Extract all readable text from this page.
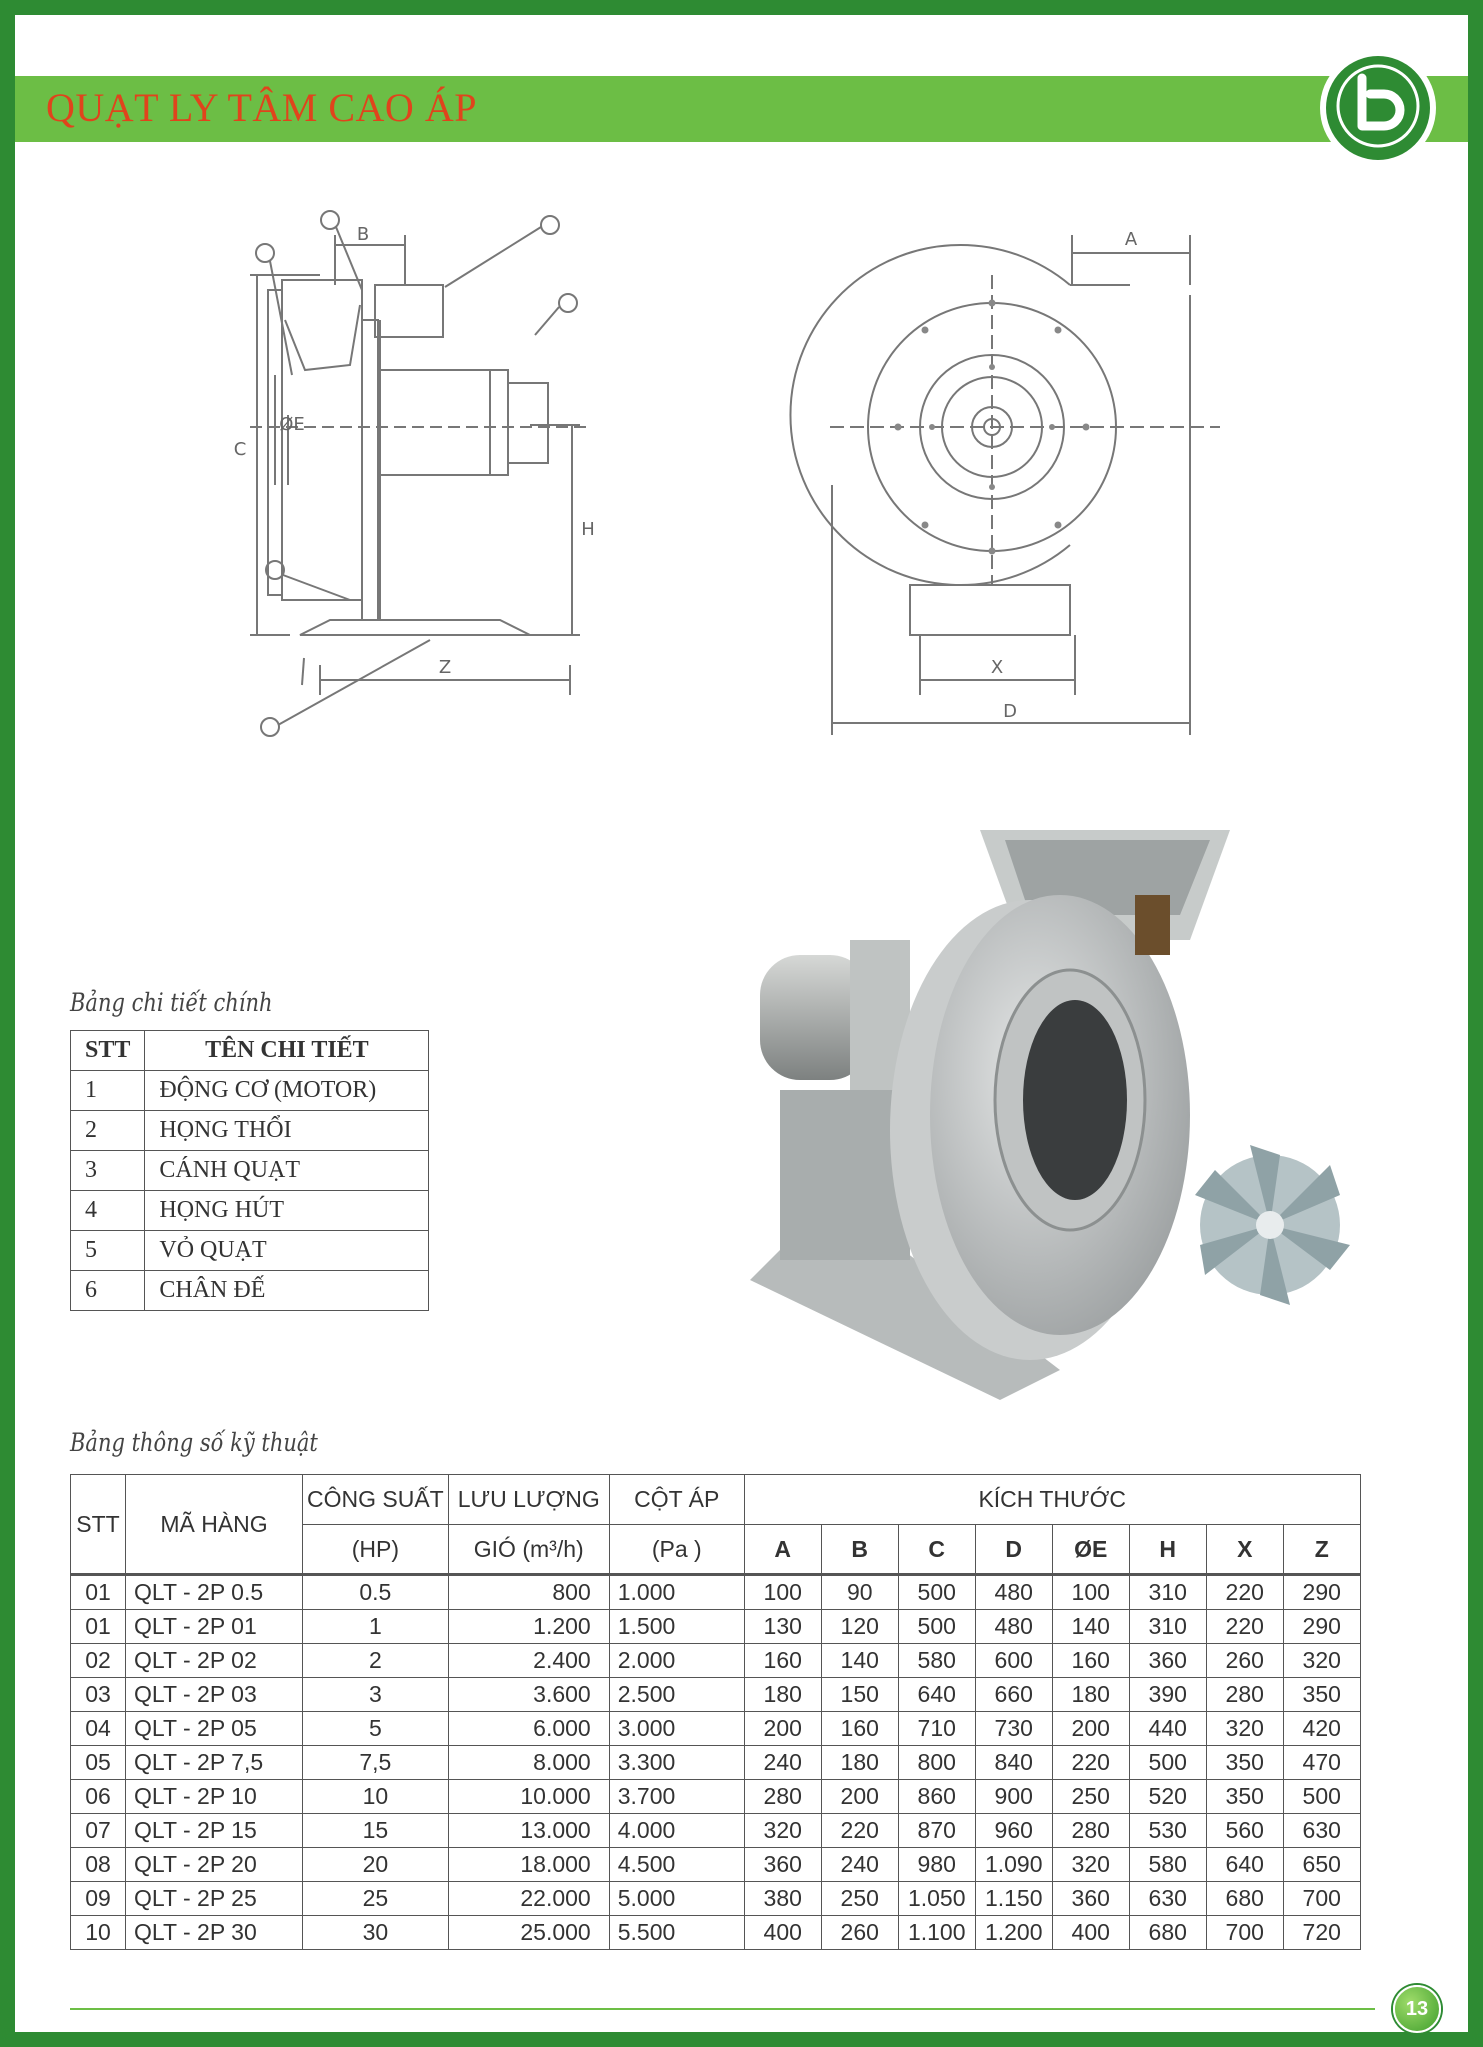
QUẠT LY TÂM CAO ÁP
B
C
ØE
H
Z
A
X
D
Bảng chi tiết chính
STT	TÊN CHI TIẾT
1	ĐỘNG CƠ (MOTOR)
2	HỌNG THỔI
3	CÁNH QUẠT
4	HỌNG HÚT
5	VỎ QUẠT
6	CHÂN ĐẾ
Bảng thông số kỹ thuật
STT	MÃ HÀNG	CÔNG SUẤT	LƯU LƯỢNG	CỘT ÁP	KÍCH THƯỚC							
		(HP)	GIÓ (m³/h)	(Pa )	A	B	C	D	ØE	H	X	Z
01	QLT - 2P 0.5	0.5	800	1.000	100	90	500	480	100	310	220	290
01	QLT - 2P 01	1	1.200	1.500	130	120	500	480	140	310	220	290
02	QLT - 2P 02	2	2.400	2.000	160	140	580	600	160	360	260	320
03	QLT - 2P 03	3	3.600	2.500	180	150	640	660	180	390	280	350
04	QLT - 2P 05	5	6.000	3.000	200	160	710	730	200	440	320	420
05	QLT - 2P 7,5	7,5	8.000	3.300	240	180	800	840	220	500	350	470
06	QLT - 2P 10	10	10.000	3.700	280	200	860	900	250	520	350	500
07	QLT - 2P 15	15	13.000	4.000	320	220	870	960	280	530	560	630
08	QLT - 2P 20	20	18.000	4.500	360	240	980	1.090	320	580	640	650
09	QLT - 2P 25	25	22.000	5.000	380	250	1.050	1.150	360	630	680	700
10	QLT - 2P 30	30	25.000	5.500	400	260	1.100	1.200	400	680	700	720
13
